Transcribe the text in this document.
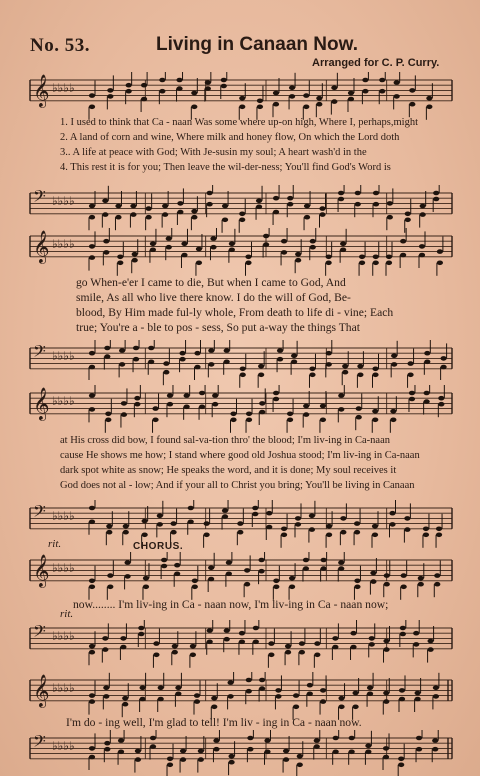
No. 53.	Living in Canaan Now.
Arranged for C. P. Curry.
𝄞 ♭♭♭♭
1. I used to think that Ca - naan Was some where up-on high, Where I, perhaps,might
2. A land of corn and wine, Where milk and honey flow, On which the Lord doth
3.. A life at peace with God; With Je-susin my soul; A heart wash'd in the
4. This rest it is for you; Then leave the wil-der-ness; You'll find God's Word is
𝄢 ♭♭♭♭
𝄞 ♭♭♭♭
go When-e'er I came to die, But when I came to God, And
smile, As all who live there know. I do the will of God, Be-
blood, By Him made ful-ly whole, From death to life di - vine; Each
true; You're a - ble to pos - sess, So put a-way the things That
𝄢 ♭♭♭♭
𝄞 ♭♭♭♭
at His cross did bow, I found sal-va-tion thro' the blood; I'm liv-ing in Ca-naan
cause He shows me how; I stand where good old Joshua stood; I'm liv-ing in Ca-naan
dark spot white as snow; He speaks the word, and it is done; My soul receives it
God does not al - low; And if your all to Christ you bring; You'll be living in Canaan
𝄢 ♭♭♭♭
rit.	CHORUS.
𝄞 ♭♭♭♭
now........ I'm liv-ing in Ca - naan now, I'm liv-ing in Ca - naan now;
rit.
𝄢 ♭♭♭♭
𝄞 ♭♭♭♭
I'm do - ing well, I'm glad to tell! I'm liv - ing in Ca - naan now.
𝄢 ♭♭♭♭
